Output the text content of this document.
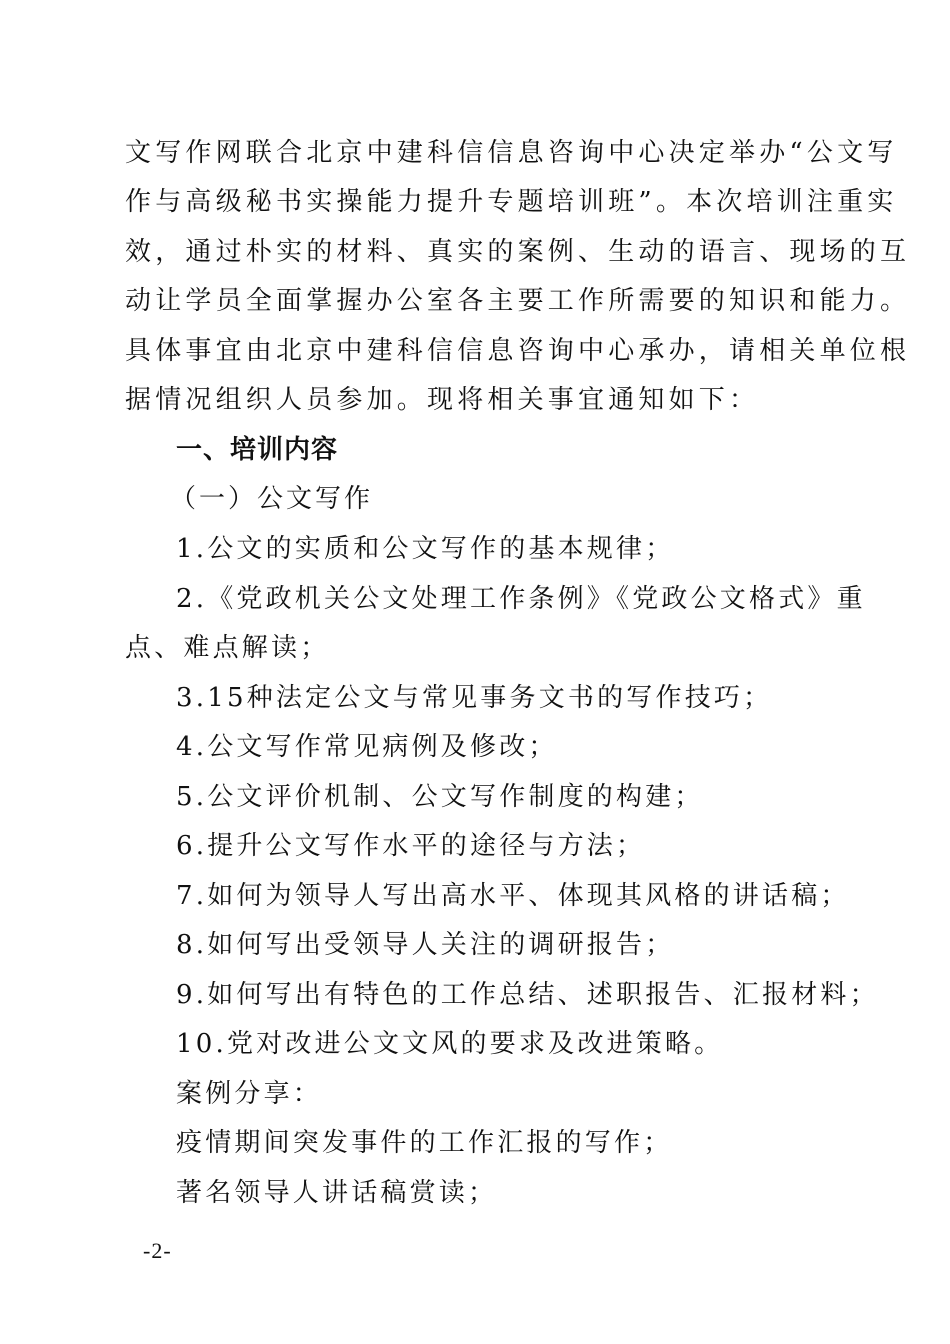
文写作网联合北京中建科信信息咨询中心决定举办“公文写
作与高级秘书实操能力提升专题培训班”。本次培训注重实
效，通过朴实的材料、真实的案例、生动的语言、现场的互
动让学员全面掌握办公室各主要工作所需要的知识和能力。
具体事宜由北京中建科信信息咨询中心承办，请相关单位根
据情况组织人员参加。现将相关事宜通知如下：
一、培训内容
（一）公文写作
1.公文的实质和公文写作的基本规律；
2.《党政机关公文处理工作条例》《党政公文格式》重
点、难点解读；
3.15种法定公文与常见事务文书的写作技巧；
4.公文写作常见病例及修改；
5.公文评价机制、公文写作制度的构建；
6.提升公文写作水平的途径与方法；
7.如何为领导人写出高水平、体现其风格的讲话稿；
8.如何写出受领导人关注的调研报告；
9.如何写出有特色的工作总结、述职报告、汇报材料；
10.党对改进公文文风的要求及改进策略。
案例分享：
疫情期间突发事件的工作汇报的写作；
著名领导人讲话稿赏读；
-2-
